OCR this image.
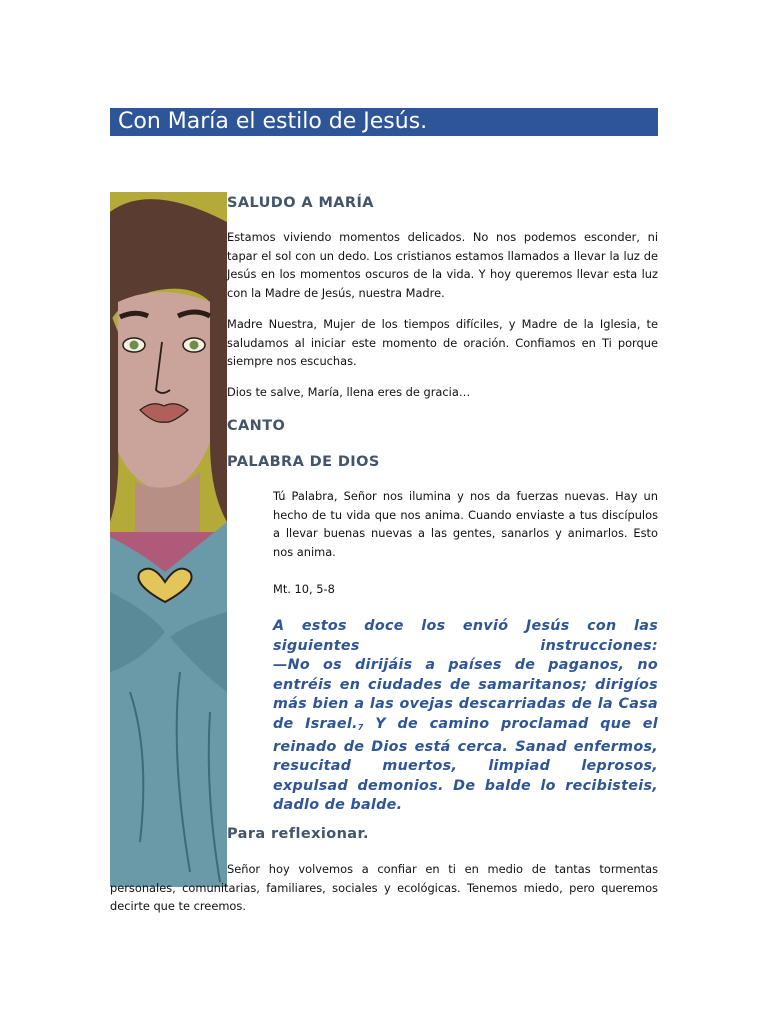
Con María el estilo de Jesús.
SALUDO A MARÍA

Estamos viviendo momentos delicados. No nos podemos esconder, ni tapar el sol con un dedo. Los cristianos estamos llamados a llevar la luz de Jesús en los momentos oscuros de la vida. Y hoy queremos llevar esta luz con la Madre de Jesús, nuestra Madre.

Madre Nuestra, Mujer de los tiempos difíciles, y Madre de la Iglesia, te saludamos al iniciar este momento de oración. Confiamos en Ti porque siempre nos escuchas.

Dios te salve, María, llena eres de gracia…

CANTO
PALABRA DE DIOS

Tú Palabra, Señor nos ilumina y nos da fuerzas nuevas. Hay un hecho de tu vida que nos anima. Cuando enviaste a tus discípulos a llevar buenas nuevas a las gentes, sanarlos y animarlos. Esto nos anima.

Mt. 10, 5-8

A estos doce los envió Jesús con las siguientes instrucciones:
—No os dirijáis a países de paganos, no entréis en ciudades de samaritanos; dirigíos más bien a las ovejas descarriadas de la Casa de $Israel._7$ Y de camino proclamad que el reinado de Dios está cerca. Sanad enfermos, resucitad muertos, limpiad leprosos, expulsad demonios. De balde lo recibisteis, dadlo de balde.
Para reflexionar.

Señor hoy volvemos a confiar en ti en medio de tantas tormentas personales, comunitarias, familiares, sociales y ecológicas. Tenemos miedo, pero queremos decirte que te creemos.
